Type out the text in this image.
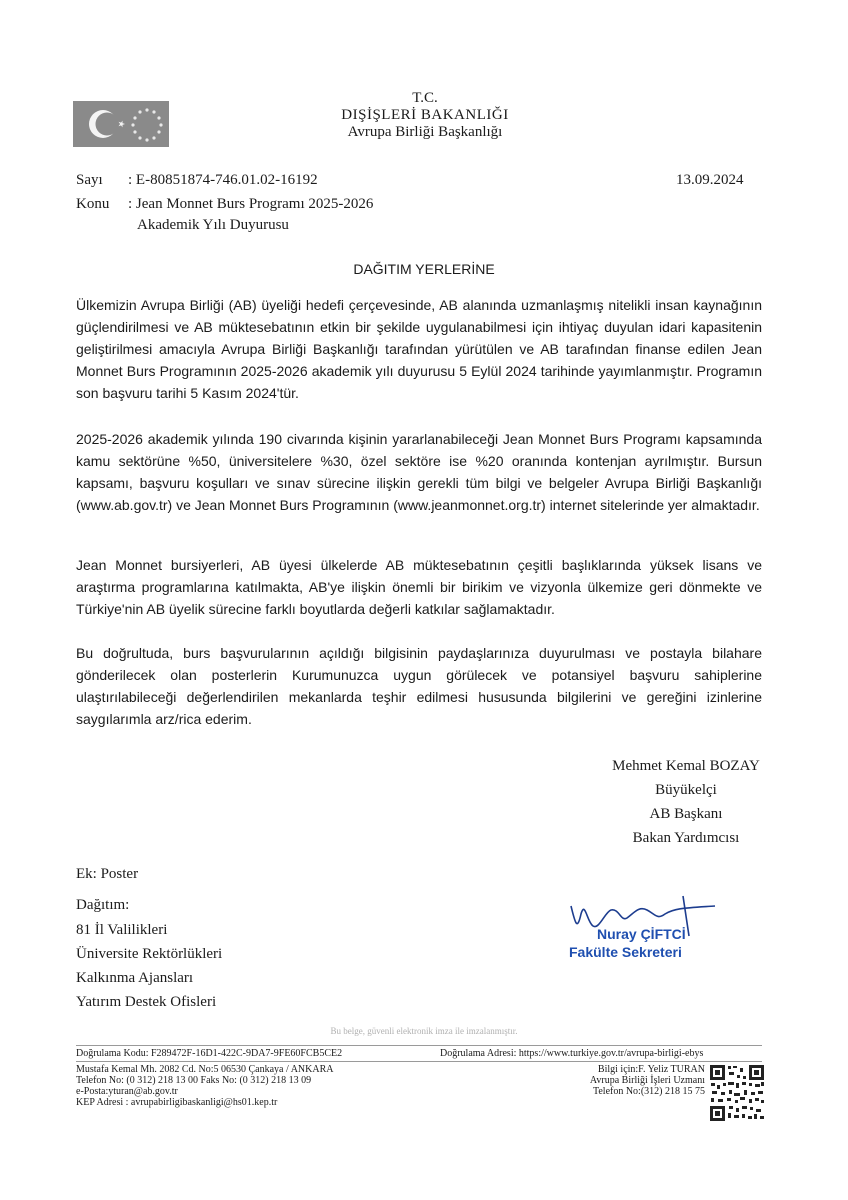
T.C.
DIŞİŞLERİ BAKANLIĞI
Avrupa Birliği Başkanlığı
Sayı : E-80851874-746.01.02-16192
Konu : Jean Monnet Burs Programı 2025-2026
Akademik Yılı Duyurusu
13.09.2024
DAĞITIM YERLERİNE

Ülkemizin Avrupa Birliği (AB) üyeliği hedefi çerçevesinde, AB alanında uzmanlaşmış nitelikli insan kaynağının güçlendirilmesi ve AB müktesebatının etkin bir şekilde uygulanabilmesi için ihtiyaç duyulan idari kapasitenin geliştirilmesi amacıyla Avrupa Birliği Başkanlığı tarafından yürütülen ve AB tarafından finanse edilen Jean Monnet Burs Programının 2025-2026 akademik yılı duyurusu 5 Eylül 2024 tarihinde yayımlanmıştır. Programın son başvuru tarihi 5 Kasım 2024'tür.

2025-2026 akademik yılında 190 civarında kişinin yararlanabileceği Jean Monnet Burs Programı kapsamında kamu sektörüne %50, üniversitelere %30, özel sektöre ise %20 oranında kontenjan ayrılmıştır. Bursun kapsamı, başvuru koşulları ve sınav sürecine ilişkin gerekli tüm bilgi ve belgeler Avrupa Birliği Başkanlığı (www.ab.gov.tr) ve Jean Monnet Burs Programının (www.jeanmonnet.org.tr) internet sitelerinde yer almaktadır.

Jean Monnet bursiyerleri, AB üyesi ülkelerde AB müktesebatının çeşitli başlıklarında yüksek lisans ve araştırma programlarına katılmakta, AB'ye ilişkin önemli bir birikim ve vizyonla ülkemize geri dönmekte ve Türkiye'nin AB üyelik sürecine farklı boyutlarda değerli katkılar sağlamaktadır.

Bu doğrultuda, burs başvurularının açıldığı bilgisinin paydaşlarınıza duyurulması ve postayla bilahare gönderilecek olan posterlerin Kurumunuzca uygun görülecek ve potansiyel başvuru sahiplerine ulaştırılabileceği değerlendirilen mekanlarda teşhir edilmesi hususunda bilgilerini ve gereğini izinlerine saygılarımla arz/rica ederim.

Mehmet Kemal BOZAY
Büyükelçi
AB Başkanı
Bakan Yardımcısı
Ek: Poster
Dağıtım:
81 İl Valilikleri
Üniversite Rektörlükleri
Kalkınma Ajansları
Yatırım Destek Ofisleri
Nuray ÇİFTCİ
Fakülte Sekreteri
Bu belge, güvenli elektronik imza ile imzalanmıştır.
Doğrulama Kodu: F289472F-16D1-422C-9DA7-9FE60FCB5CE2	Doğrulama Adresi: https://www.turkiye.gov.tr/avrupa-birligi-ebys
Mustafa Kemal Mh. 2082 Cd. No:5 06530 Çankaya / ANKARA
Telefon No: (0 312) 218 13 00 Faks No: (0 312) 218 13 09
e-Posta:yturan@ab.gov.tr
KEP Adresi : avrupabirligibaskanligi@hs01.kep.tr
Bilgi için:F. Yeliz TURAN
Avrupa Birliği İşleri Uzmanı
Telefon No:(312) 218 15 75
